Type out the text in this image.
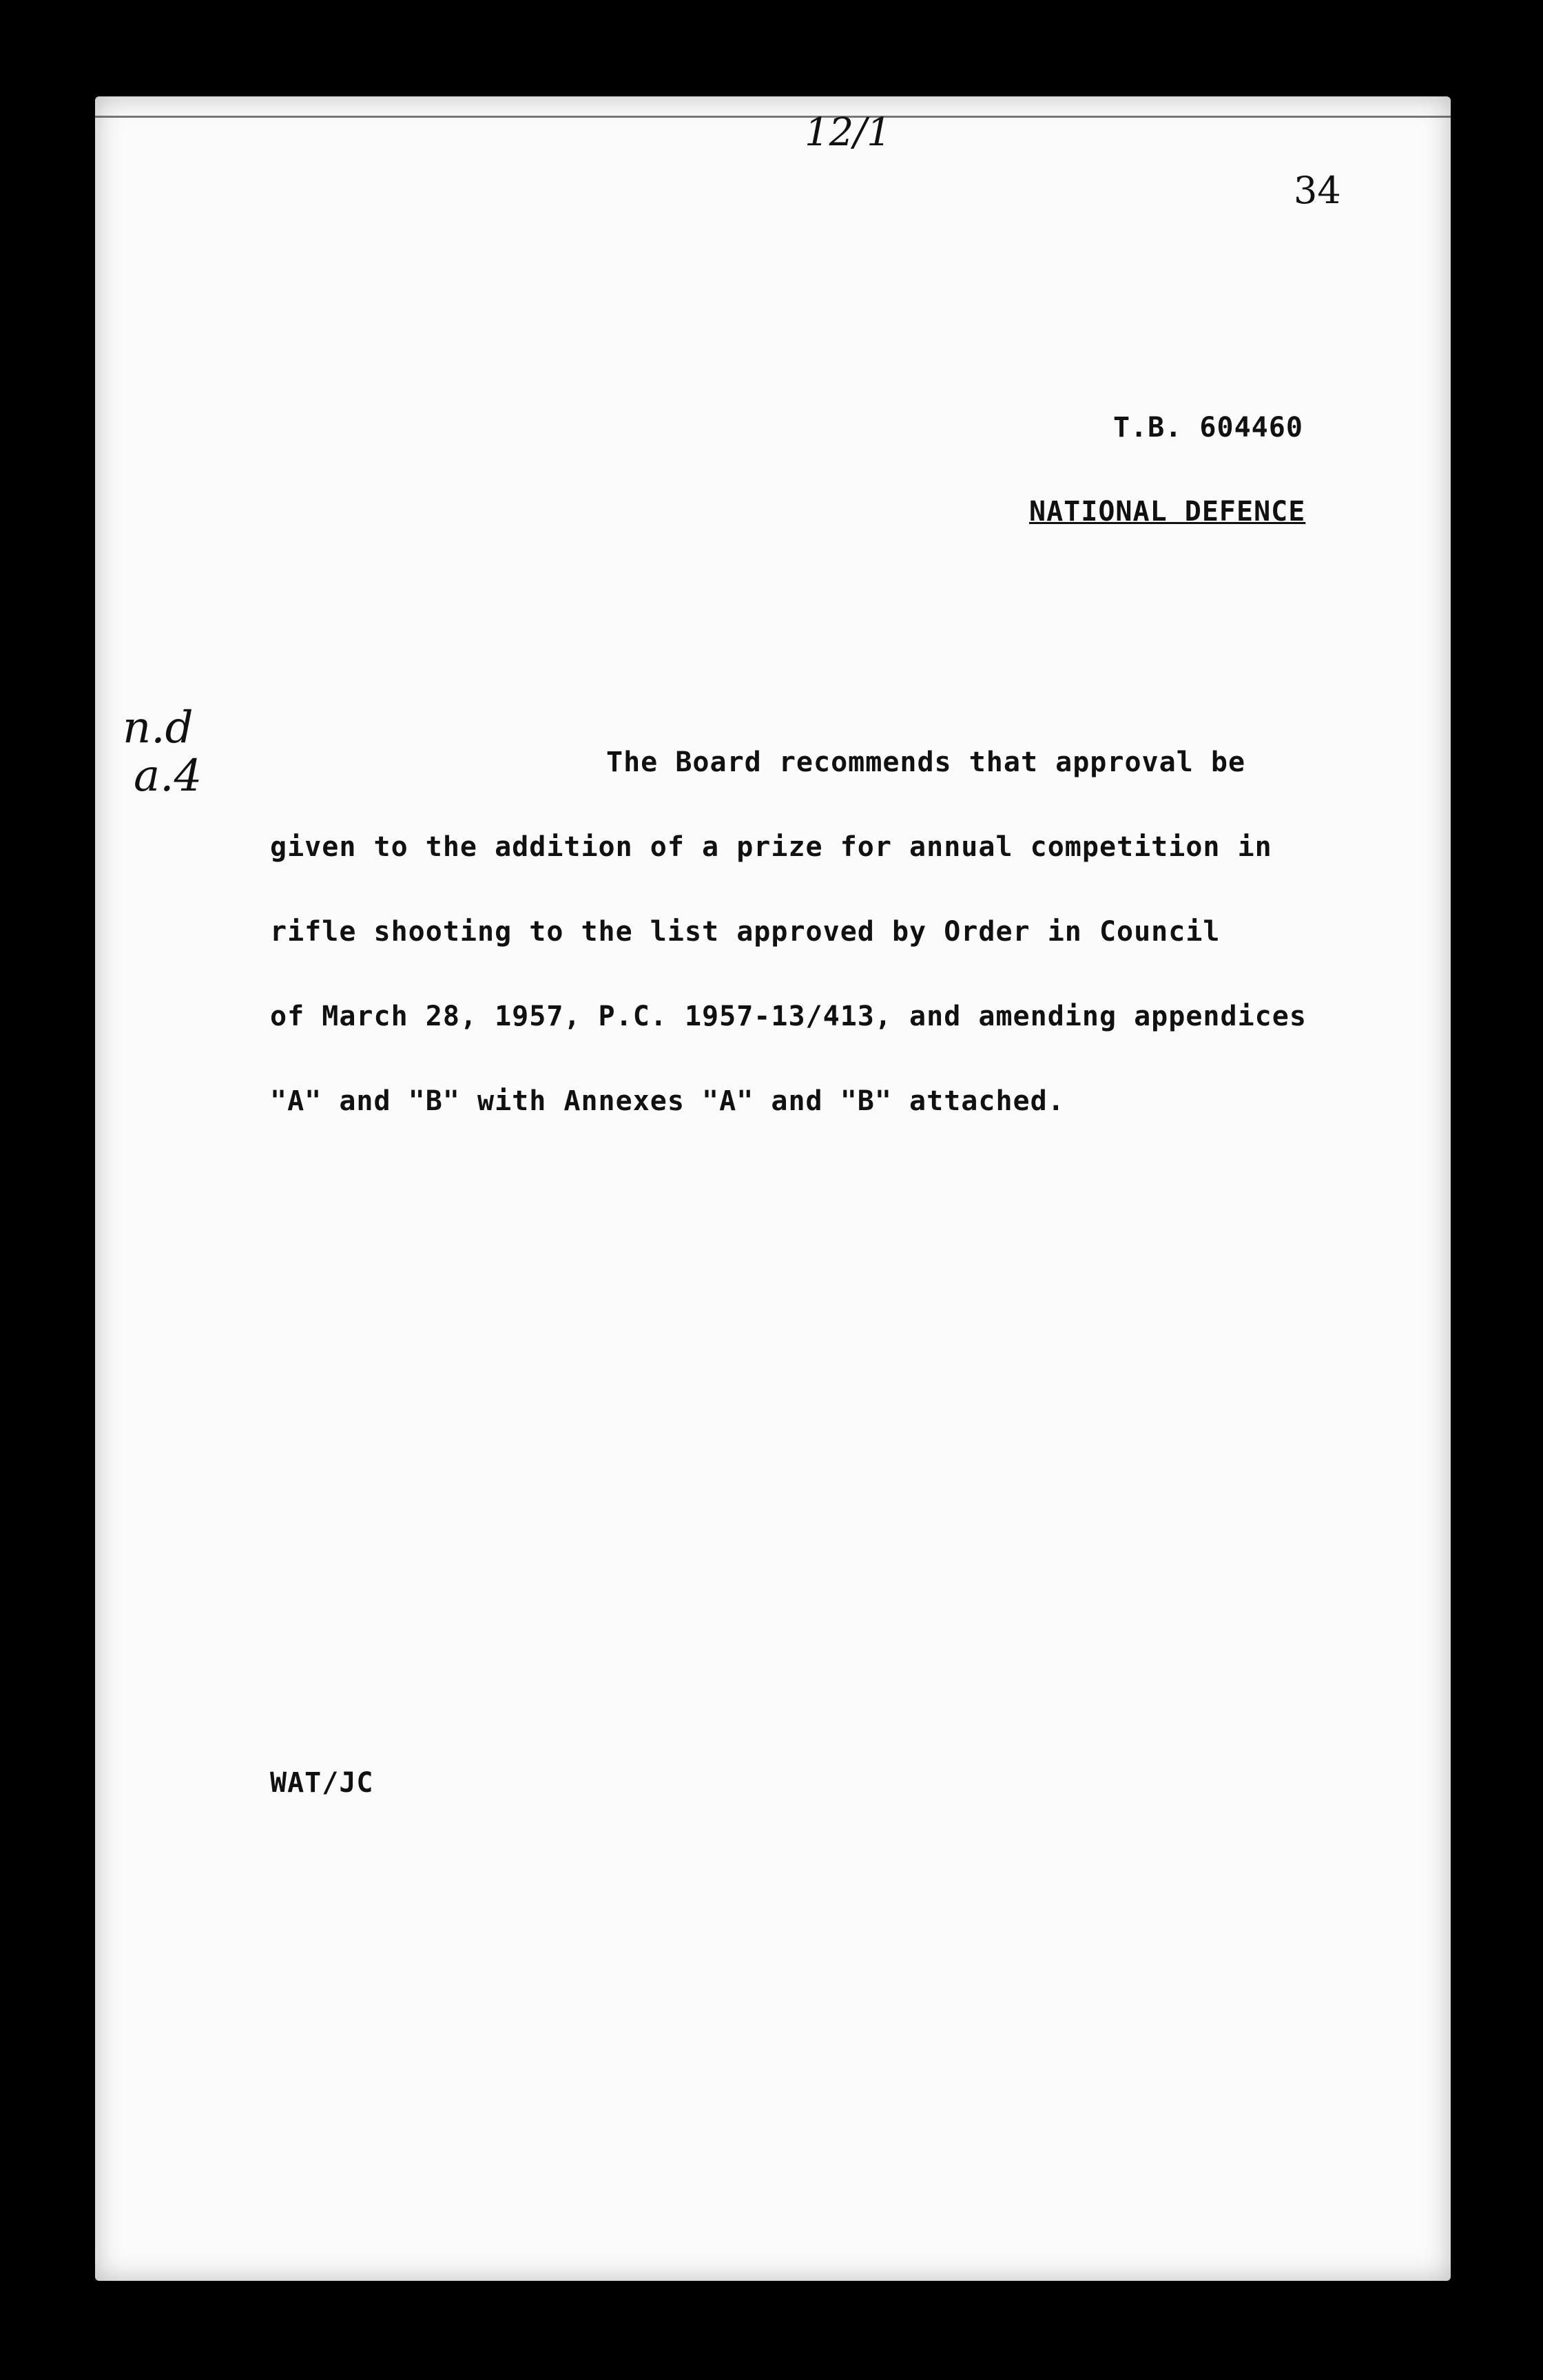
12/1
34
T.B. 604460
NATIONAL DEFENCE
n.d
a.4	The Board recommends that approval be
given to the addition of a prize for annual competition in
rifle shooting to the list approved by Order in Council
of March 28, 1957, P.C. 1957-13/413, and amending appendices
"A" and "B" with Annexes "A" and "B" attached.
WAT/JC
